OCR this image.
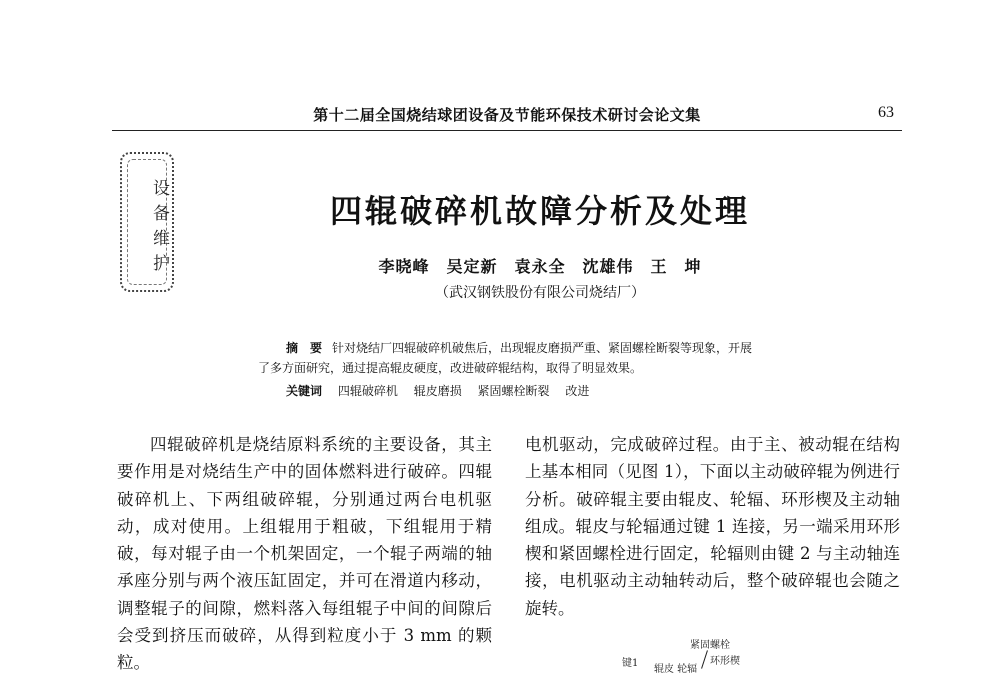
第十二届全国烧结球团设备及节能环保技术研讨会论文集	63
设备维护	四辊破碎机故障分析及处理
李晓峰　吴定新　袁永全　沈雄伟　王　坤
（武汉钢铁股份有限公司烧结厂）
摘　要 针对烧结厂四辊破碎机破焦后，出现辊皮磨损严重、紧固螺栓断裂等现象，开展了多方面研究，通过提高辊皮硬度，改进破碎辊结构，取得了明显效果。
关键词 四辊破碎机 辊皮磨损 紧固螺栓断裂 改进

四辊破碎机是烧结原料系统的主要设备，其主要作用是对烧结生产中的固体燃料进行破碎。四辊破碎机上、下两组破碎辊，分别通过两台电机驱动，成对使用。上组辊用于粗破，下组辊用于精破，每对辊子由一个机架固定，一个辊子两端的轴承座分别与两个液压缸固定，并可在滑道内移动，调整辊子的间隙，燃料落入每组辊子中间的间隙后会受到挤压而破碎，从得到粒度小于 3 mm 的颗粒。

电机驱动，完成破碎过程。由于主、被动辊在结构上基本相同（见图 1），下面以主动破碎辊为例进行分析。破碎辊主要由辊皮、轮辐、环形楔及主动轴组成。辊皮与轮辐通过键 1 连接，另一端采用环形楔和紧固螺栓进行固定，轮辐则由键 2 与主动轴连接，电机驱动主动轴转动后，整个破碎辊也会随之旋转。

紧固螺栓
键1
辊皮 轮辐
环形楔
